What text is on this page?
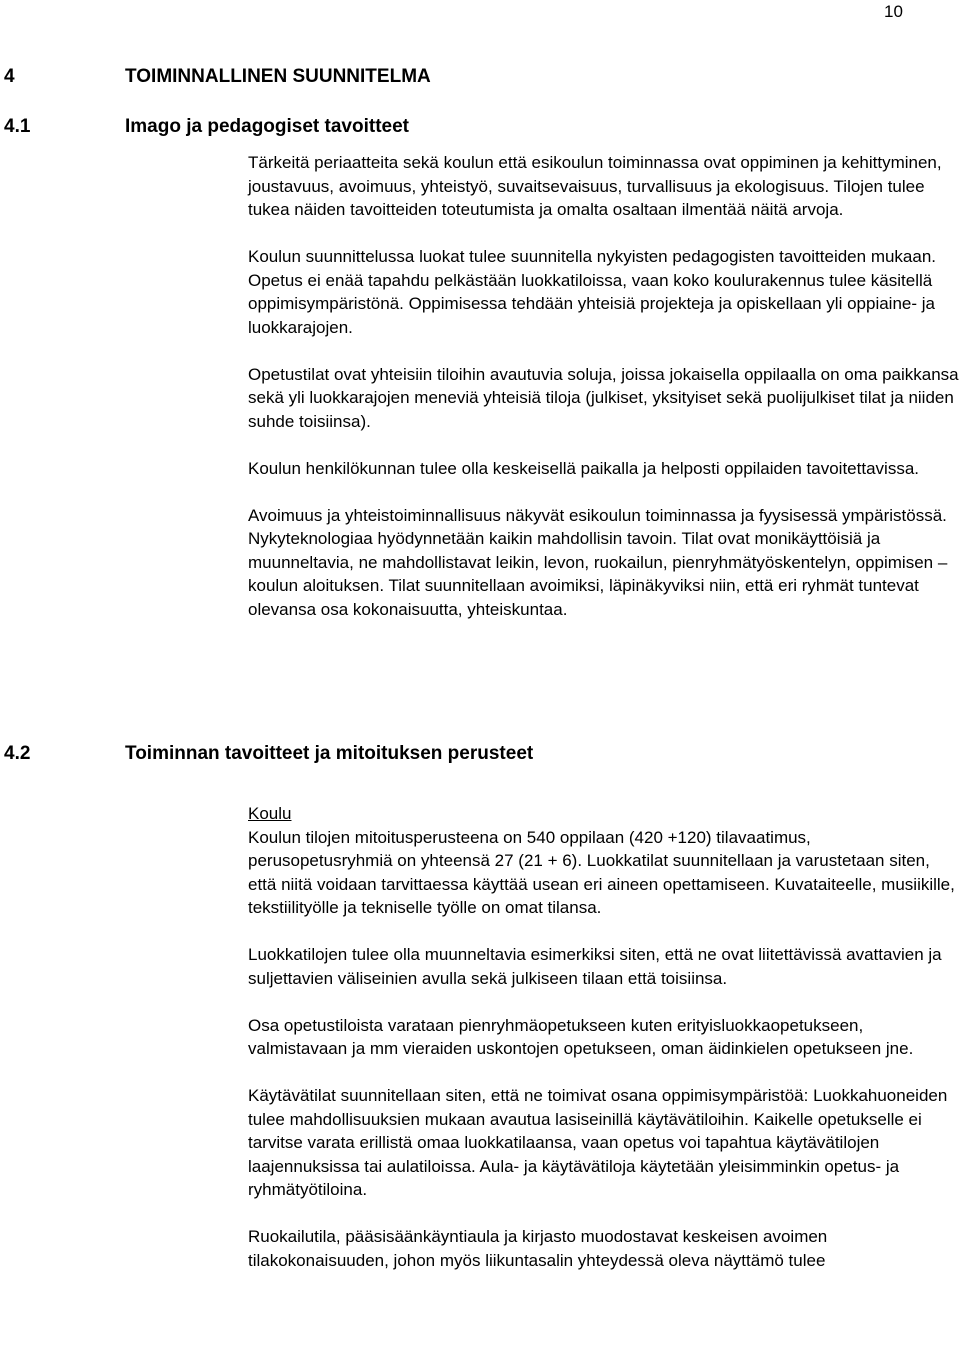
10
4	TOIMINNALLINEN SUUNNITELMA
4.1	Imago ja pedagogiset tavoitteet

Tärkeitä periaatteita sekä koulun että esikoulun toiminnassa ovat oppiminen ja kehittyminen, joustavuus, avoimuus, yhteistyö, suvaitsevaisuus, turvallisuus ja ekologisuus. Tilojen tulee tukea näiden tavoitteiden toteutumista ja omalta osaltaan ilmentää näitä arvoja.

Koulun suunnittelussa luokat tulee suunnitella nykyisten pedagogisten tavoitteiden mukaan. Opetus ei enää tapahdu pelkästään luokkatiloissa, vaan koko koulurakennus tulee käsitellä oppimisympäristönä. Oppimisessa tehdään yhteisiä projekteja ja opiskellaan yli oppiaine- ja luokkarajojen.

Opetustilat ovat yhteisiin tiloihin avautuvia soluja, joissa jokaisella oppilaalla on oma paikkansa sekä yli luokkarajojen meneviä yhteisiä tiloja (julkiset, yksityiset sekä puolijulkiset tilat ja niiden suhde toisiinsa).

Koulun henkilökunnan tulee olla keskeisellä paikalla ja helposti oppilaiden tavoitettavissa.

Avoimuus ja yhteistoiminnallisuus näkyvät esikoulun toiminnassa ja fyysisessä ympäristössä. Nykyteknologiaa hyödynnetään kaikin mahdollisin tavoin. Tilat ovat monikäyttöisiä ja muunneltavia, ne mahdollistavat leikin, levon, ruokailun, pienryhmätyöskentelyn, oppimisen – koulun aloituksen. Tilat suunnitellaan avoimiksi, läpinäkyviksi niin, että eri ryhmät tuntevat olevansa osa kokonaisuutta, yhteiskuntaa.

4.2	Toiminnan tavoitteet ja mitoituksen perusteet
Koulu

Koulun tilojen mitoitusperusteena on 540 oppilaan (420 +120) tilavaatimus, perusopetusryhmiä on yhteensä 27 (21 + 6). Luokkatilat suunnitellaan ja varustetaan siten, että niitä voidaan tarvittaessa käyttää usean eri aineen opettamiseen. Kuvataiteelle, musiikille, tekstiilityölle ja tekniselle työlle on omat tilansa.

Luokkatilojen tulee olla muunneltavia esimerkiksi siten, että ne ovat liitettävissä avattavien ja suljettavien väliseinien avulla sekä julkiseen tilaan että toisiinsa.

Osa opetustiloista varataan pienryhmäopetukseen kuten erityisluokkaopetukseen, valmistavaan ja mm vieraiden uskontojen opetukseen, oman äidinkielen opetukseen jne.

Käytävätilat suunnitellaan siten, että ne toimivat osana oppimisympäristöä: Luokkahuoneiden tulee mahdollisuuksien mukaan avautua lasiseinillä käytävätiloihin. Kaikelle opetukselle ei tarvitse varata erillistä omaa luokkatilaansa, vaan opetus voi tapahtua käytävätilojen laajennuksissa tai aulatiloissa. Aula- ja käytävätiloja käytetään yleisimminkin opetus- ja ryhmätyötiloina.

Ruokailutila, pääsisäänkäyntiaula ja kirjasto muodostavat keskeisen avoimen tilakokonaisuuden, johon myös liikuntasalin yhteydessä oleva näyttämö tulee
